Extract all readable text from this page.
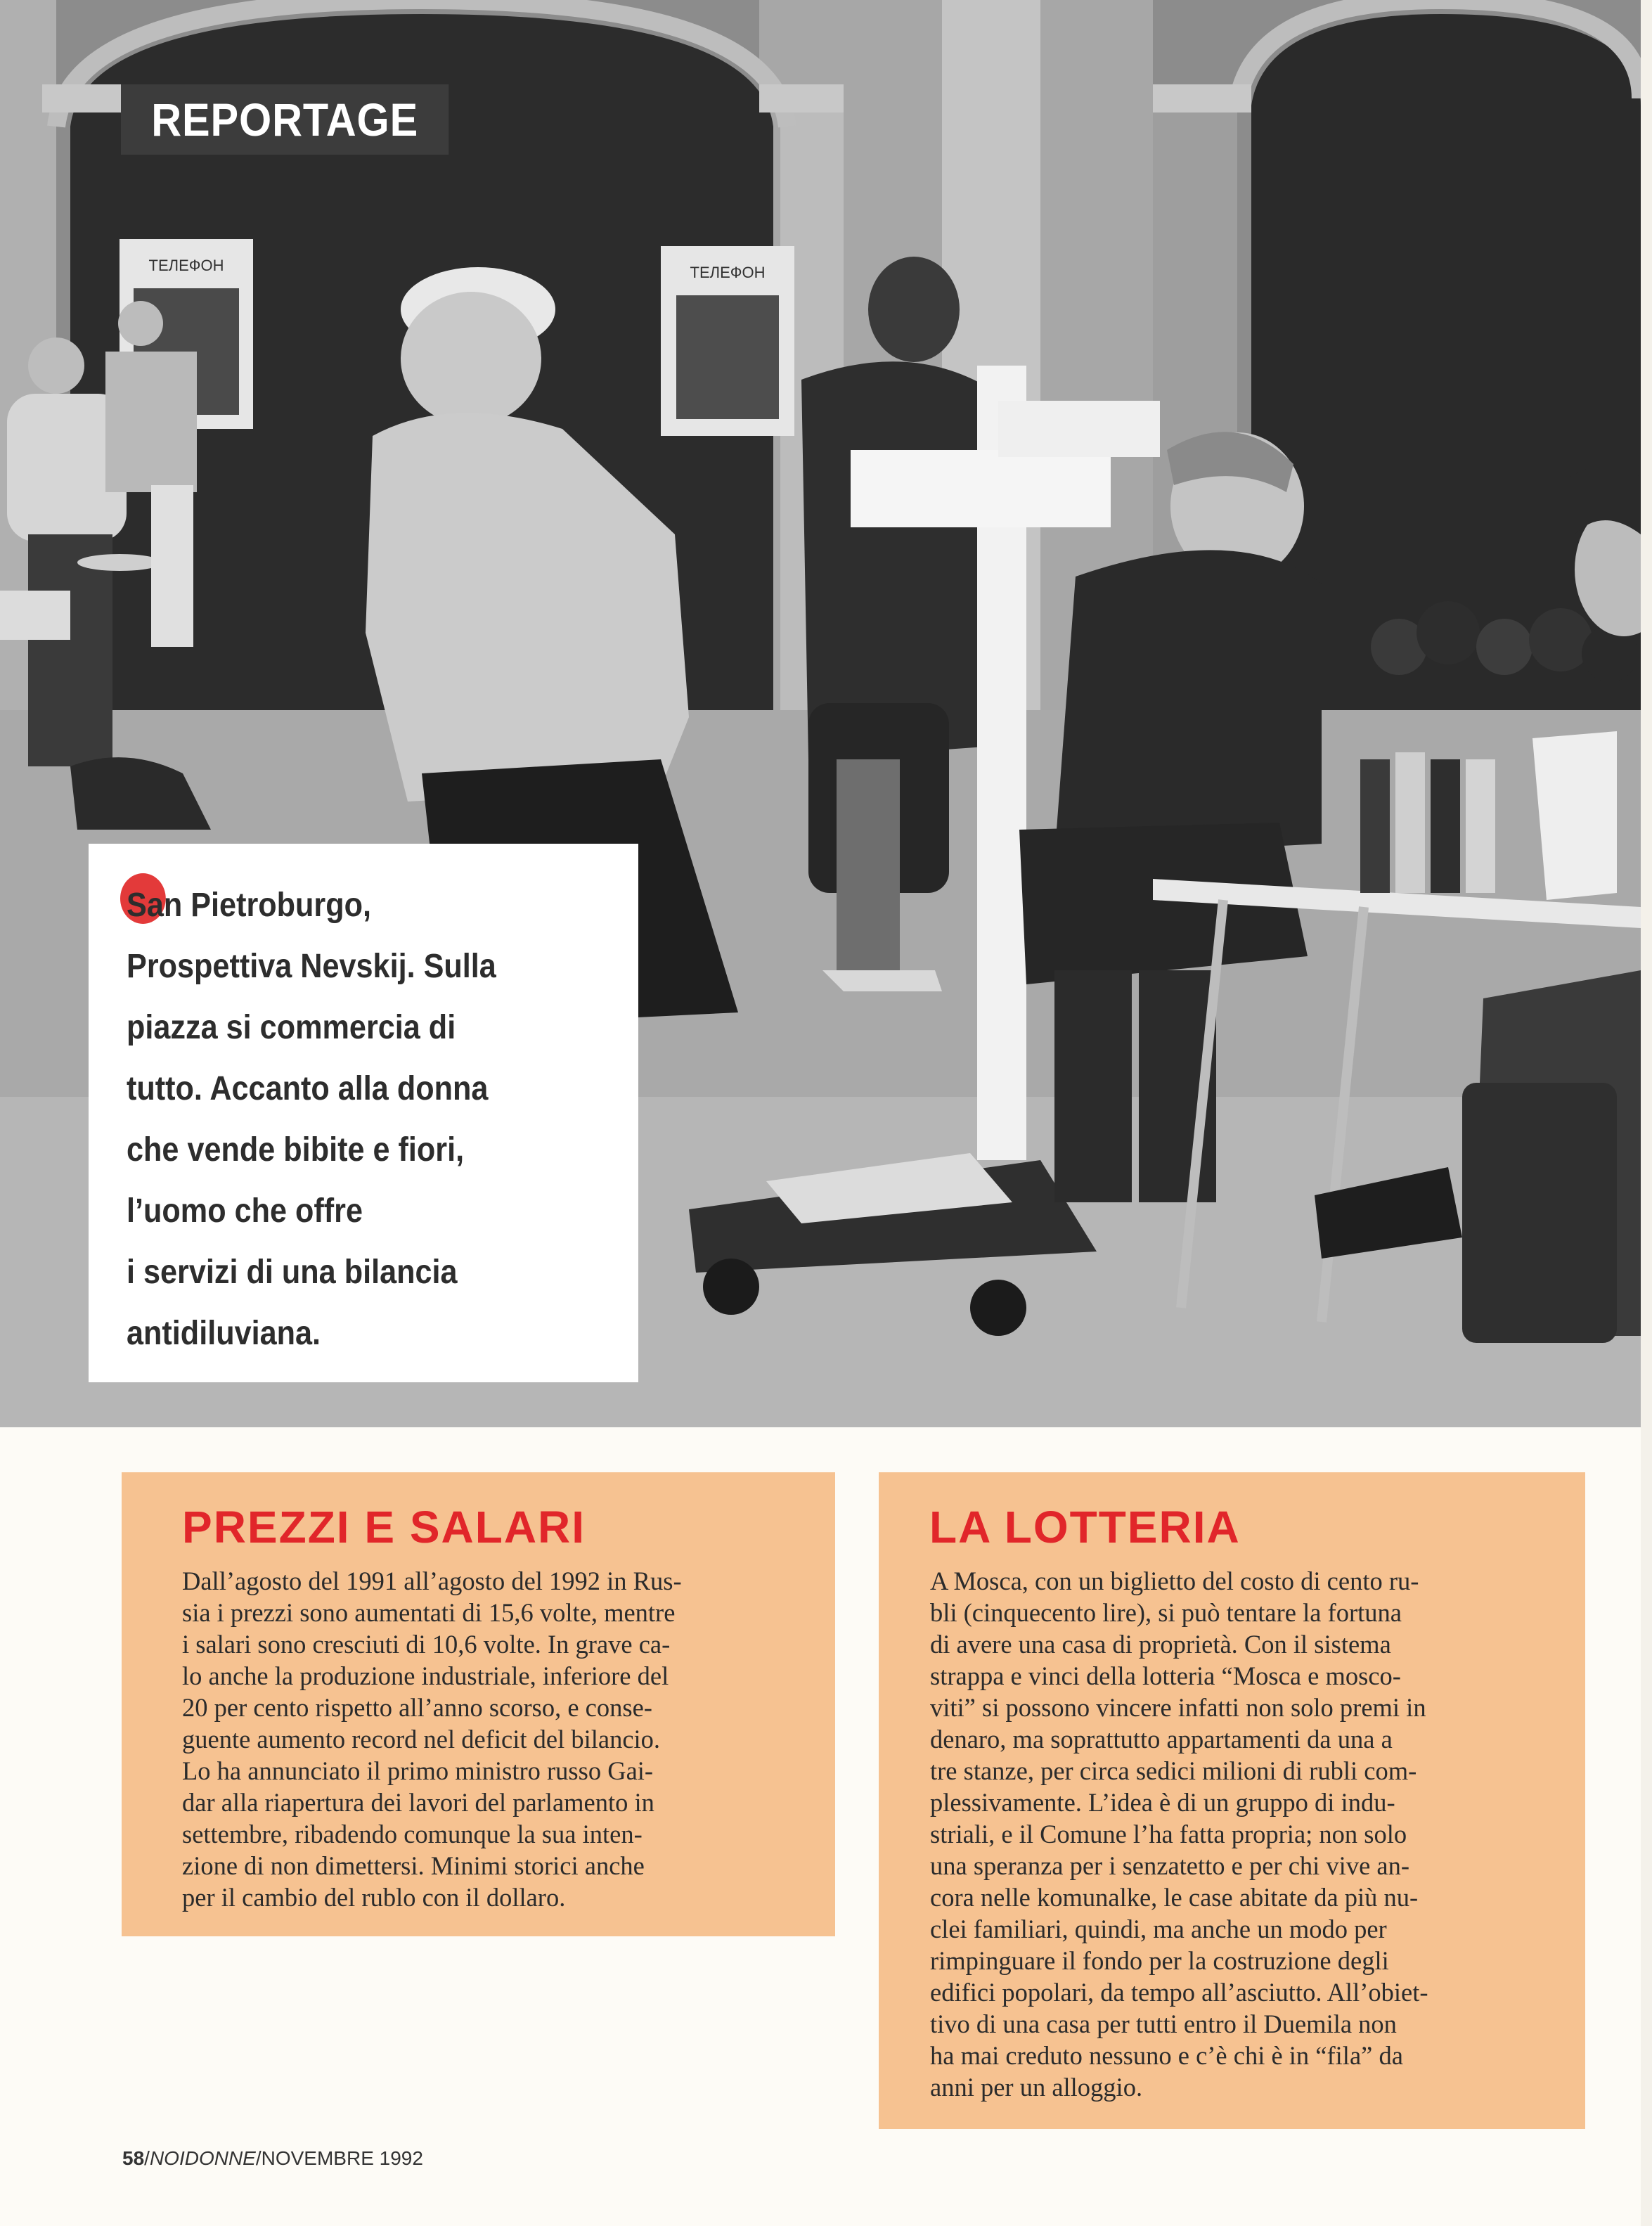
ТЕЛЕФОН	ТЕЛЕФОН
REPORTAGE
San Pietroburgo,
Prospettiva Nevskij. Sulla
piazza si commercia di
tutto. Accanto alla donna
che vende bibite e fiori,
l’uomo che offre
i servizi di una bilancia
antidiluviana.
PREZZI E SALARI
Dall’agosto del 1991 all’agosto del 1992 in Rus-
sia i prezzi sono aumentati di 15,6 volte, mentre
i salari sono cresciuti di 10,6 volte. In grave ca-
lo anche la produzione industriale, inferiore del
20 per cento rispetto all’anno scorso, e conse-
guente aumento record nel deficit del bilancio.
Lo ha annunciato il primo ministro russo Gai-
dar alla riapertura dei lavori del parlamento in
settembre, ribadendo comunque la sua inten-
zione di non dimettersi. Minimi storici anche
per il cambio del rublo con il dollaro.
LA LOTTERIA
A Mosca, con un biglietto del costo di cento ru-
bli (cinquecento lire), si può tentare la fortuna
di avere una casa di proprietà. Con il sistema
strappa e vinci della lotteria “Mosca e mosco-
viti” si possono vincere infatti non solo premi in
denaro, ma soprattutto appartamenti da una a
tre stanze, per circa sedici milioni di rubli com-
plessivamente. L’idea è di un gruppo di indu-
striali, e il Comune l’ha fatta propria; non solo
una speranza per i senzatetto e per chi vive an-
cora nelle komunalke, le case abitate da più nu-
clei familiari, quindi, ma anche un modo per
rimpinguare il fondo per la costruzione degli
edifici popolari, da tempo all’asciutto. All’obiet-
tivo di una casa per tutti entro il Duemila non
ha mai creduto nessuno e c’è chi è in “fila” da
anni per un alloggio.
58/NOIDONNE/NOVEMBRE 1992
